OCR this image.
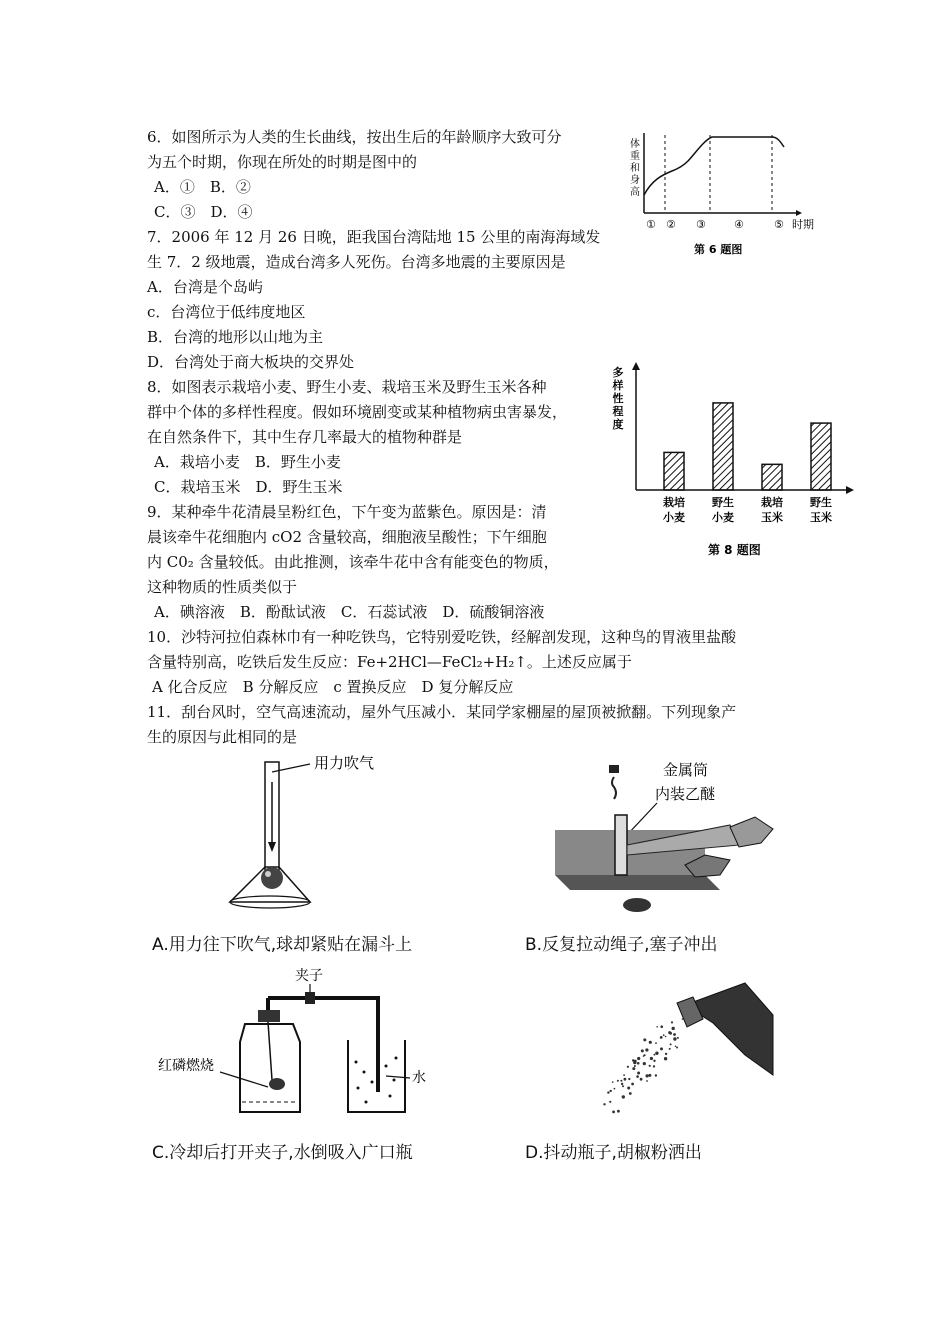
6．如图所示为人类的生长曲线，按出生后的年龄顺序大致可分
为五个时期，你现在所处的时期是图中的
A．①　B．②
C．③　D．④
体
重
和
身
高
① ② ③	④	⑤ 时期
第 6 题图
7．2006 年 12 月 26 日晚，距我国台湾陆地 15 公里的南海海域发
生 7．2 级地震，造成台湾多人死伤。台湾多地震的主要原因是
A．台湾是个岛屿
c．台湾位于低纬度地区
B．台湾的地形以山地为主
D．台湾处于商大板块的交界处
8．如图表示栽培小麦、野生小麦、栽培玉米及野生玉米各种
群中个体的多样性程度。假如环境剧变或某种植物病虫害暴发，
在自然条件下，其中生存几率最大的植物种群是
A．栽培小麦　B．野生小麦
C．栽培玉米　D．野生玉米
多
样
性
程
度
栽培
小麦
野生
小麦
栽培
玉米
野生
玉米
第 8 题图
9．某种牵牛花清晨呈粉红色，下午变为蓝紫色。原因是：清
晨该牵牛花细胞内 cO2 含量较高，细胞液呈酸性；下午细胞
内 C0₂ 含量较低。由此推测，该牵牛花中含有能变色的物质，
这种物质的性质类似于
A．碘溶液　B．酚酞试液　C．石蕊试液　D．硫酸铜溶液
10．沙特河拉伯森林巾有一种吃铁鸟，它特别爱吃铁，经解剖发现，这种鸟的胃液里盐酸
含量特别高，吃铁后发生反应：Fe+2HCl—FeCl₂+H₂↑。上述反应属于
A 化合反应　B 分解反应　c 置换反应　D 复分解反应
11．刮台风时，空气高速流动，屋外气压减小．某同学家棚屋的屋顶被掀翻。下列现象产
生的原因与此相同的是
用力吹气
A.用力往下吹气,球却紧贴在漏斗上
金属筒
内装乙醚
B.反复拉动绳子,塞子冲出
夹子
红磷燃烧
水
C.冷却后打开夹子,水倒吸入广口瓶	D.抖动瓶子,胡椒粉洒出
